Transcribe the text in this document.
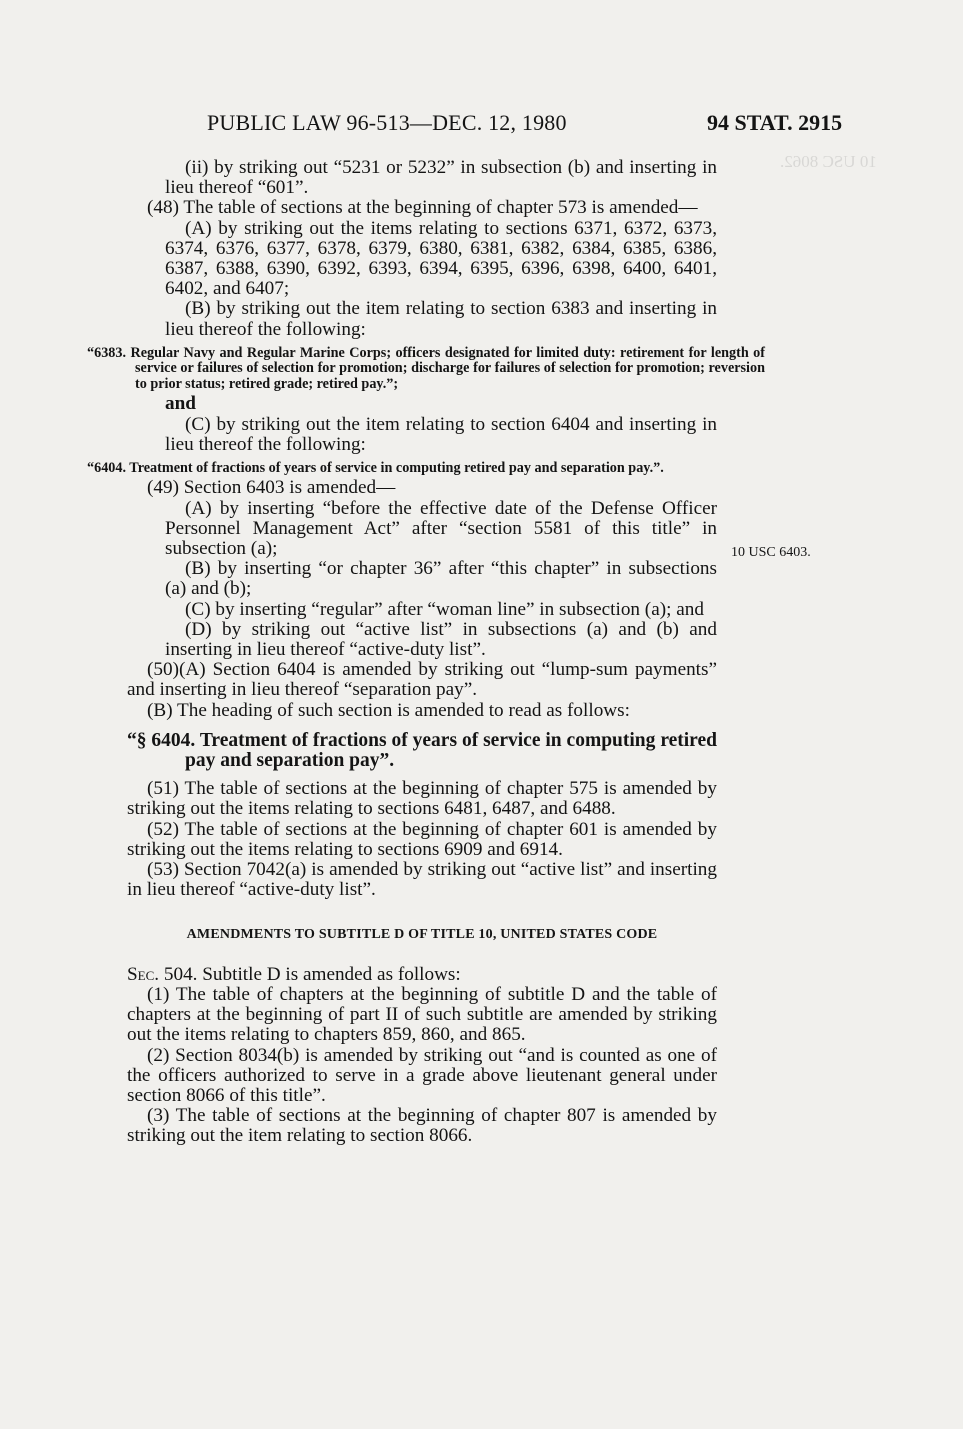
10 USC 8062.
PUBLIC LAW 96-513—DEC. 12, 1980	94 STAT. 2915
10 USC 6403.

(ii) by striking out “5231 or 5232” in subsection (b) and inserting in lieu thereof “601”.

(48) The table of sections at the beginning of chapter 573 is amended—

(A) by striking out the items relating to sections 6371, 6372, 6373, 6374, 6376, 6377, 6378, 6379, 6380, 6381, 6382, 6384, 6385, 6386, 6387, 6388, 6390, 6392, 6393, 6394, 6395, 6396, 6398, 6400, 6401, 6402, and 6407;

(B) by striking out the item relating to section 6383 and inserting in lieu thereof the following:

“6383. Regular Navy and Regular Marine Corps; officers designated for limited duty: retirement for length of service or failures of selection for promotion; discharge for failures of selection for promotion; reversion to prior status; retired grade; retired pay.”;

and

(C) by striking out the item relating to section 6404 and inserting in lieu thereof the following:

“6404. Treatment of fractions of years of service in computing retired pay and separation pay.”.

(49) Section 6403 is amended—

(A) by inserting “before the effective date of the Defense Officer Personnel Management Act” after “section 5581 of this title” in subsection (a);

(B) by inserting “or chapter 36” after “this chapter” in subsections (a) and (b);

(C) by inserting “regular” after “woman line” in subsection (a); and

(D) by striking out “active list” in subsections (a) and (b) and inserting in lieu thereof “active-duty list”.

(50)(A) Section 6404 is amended by striking out “lump-sum payments” and inserting in lieu thereof “separation pay”.

(B) The heading of such section is amended to read as follows:

“§ 6404. Treatment of fractions of years of service in computing retired pay and separation pay”.

(51) The table of sections at the beginning of chapter 575 is amended by striking out the items relating to sections 6481, 6487, and 6488.

(52) The table of sections at the beginning of chapter 601 is amended by striking out the items relating to sections 6909 and 6914.

(53) Section 7042(a) is amended by striking out “active list” and inserting in lieu thereof “active-duty list”.

AMENDMENTS TO SUBTITLE D OF TITLE 10, UNITED STATES CODE

Sec. 504. Subtitle D is amended as follows:

(1) The table of chapters at the beginning of subtitle D and the table of chapters at the beginning of part II of such subtitle are amended by striking out the items relating to chapters 859, 860, and 865.

(2) Section 8034(b) is amended by striking out “and is counted as one of the officers authorized to serve in a grade above lieutenant general under section 8066 of this title”.

(3) The table of sections at the beginning of chapter 807 is amended by striking out the item relating to section 8066.
